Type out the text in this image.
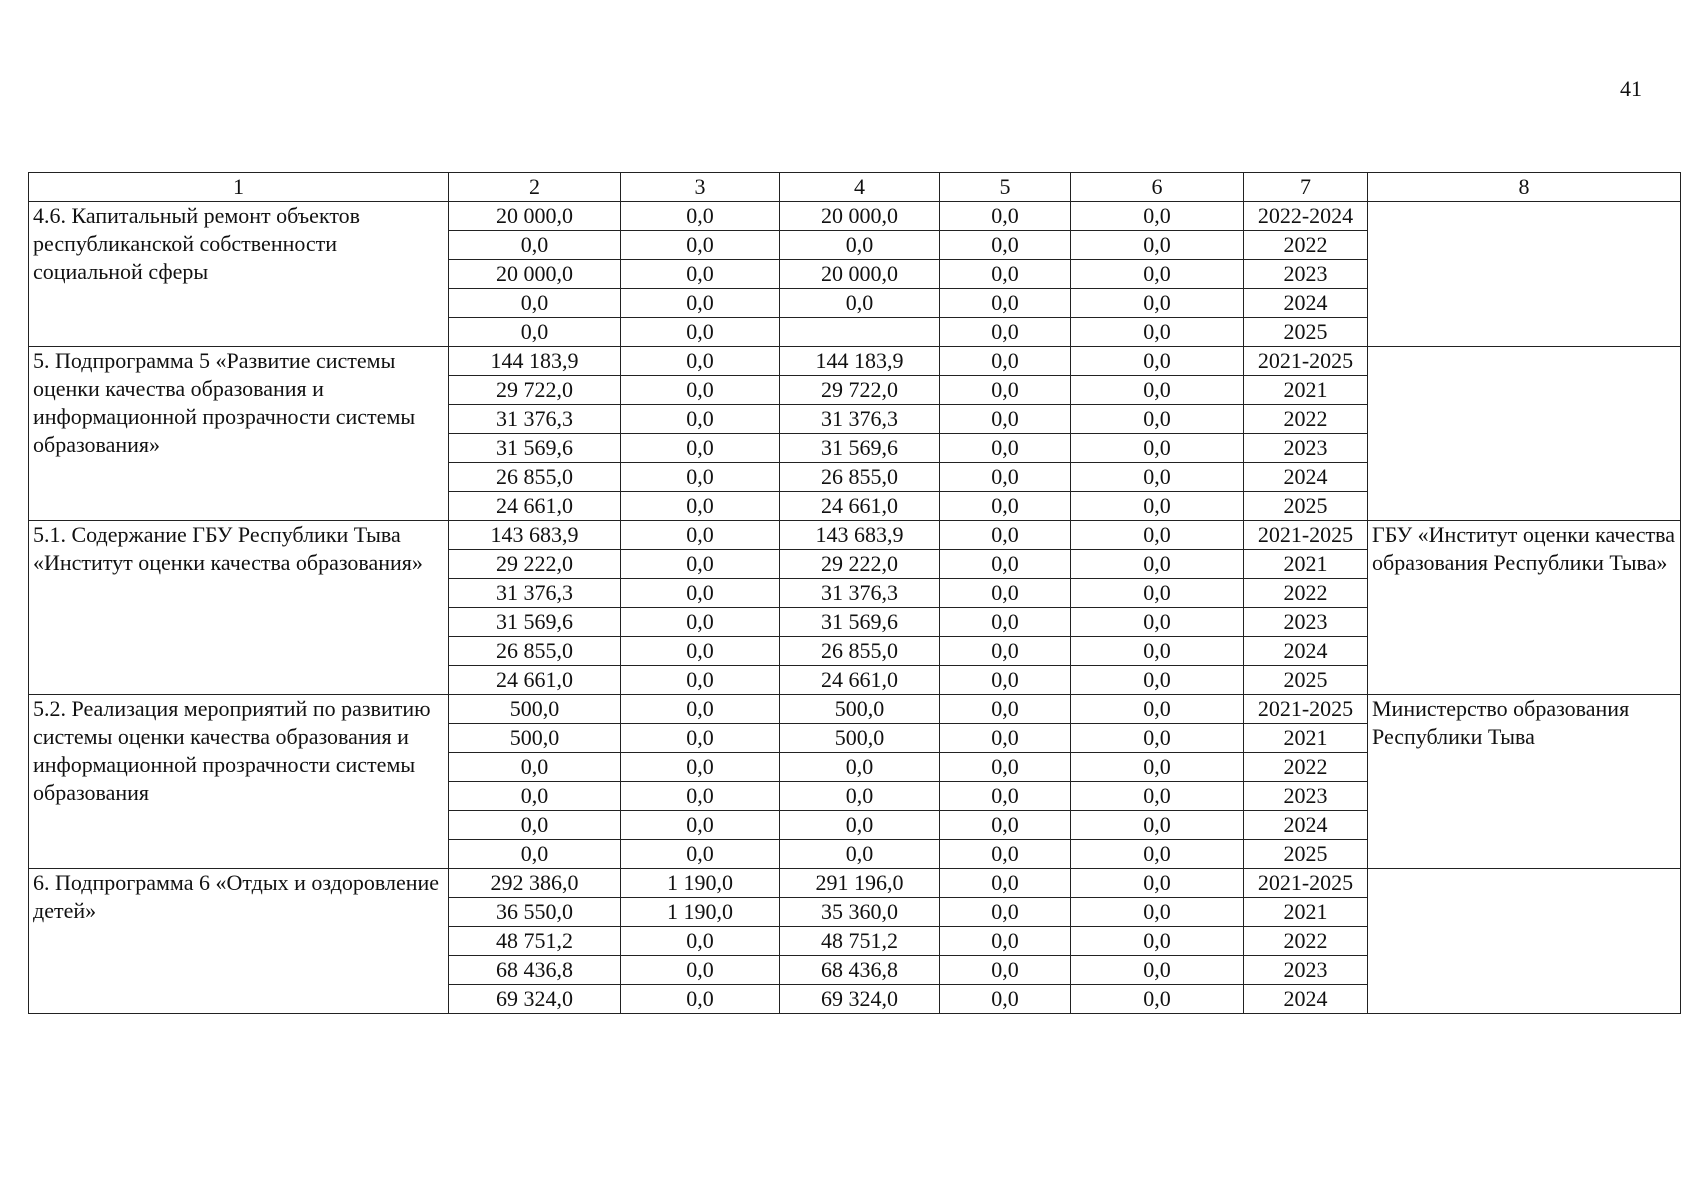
41
1	2	3	4	5	6	7	8
4.6. Капитальный ремонт объектов республиканской собственности социальной сферы	20 000,0	0,0	20 000,0	0,0	0,0	2022-2024	
	0,0	0,0	0,0	0,0	0,0	2022	
	20 000,0	0,0	20 000,0	0,0	0,0	2023	
	0,0	0,0	0,0	0,0	0,0	2024	
	0,0	0,0		0,0	0,0	2025	
5. Подпрограмма 5 «Развитие системы оценки качества образования и информационной прозрачности системы образования»	144 183,9	0,0	144 183,9	0,0	0,0	2021-2025	
	29 722,0	0,0	29 722,0	0,0	0,0	2021	
	31 376,3	0,0	31 376,3	0,0	0,0	2022	
	31 569,6	0,0	31 569,6	0,0	0,0	2023	
	26 855,0	0,0	26 855,0	0,0	0,0	2024	
	24 661,0	0,0	24 661,0	0,0	0,0	2025	
5.1. Содержание ГБУ Республики Тыва «Институт оценки качества образования»	143 683,9	0,0	143 683,9	0,0	0,0	2021-2025	ГБУ «Институт оценки качества образования Республики Тыва»
	29 222,0	0,0	29 222,0	0,0	0,0	2021	
	31 376,3	0,0	31 376,3	0,0	0,0	2022	
	31 569,6	0,0	31 569,6	0,0	0,0	2023	
	26 855,0	0,0	26 855,0	0,0	0,0	2024	
	24 661,0	0,0	24 661,0	0,0	0,0	2025	
5.2. Реализация мероприятий по развитию системы оценки качества образования и информационной прозрачности системы образования	500,0	0,0	500,0	0,0	0,0	2021-2025	Министерство образования Республики Тыва
	500,0	0,0	500,0	0,0	0,0	2021	
	0,0	0,0	0,0	0,0	0,0	2022	
	0,0	0,0	0,0	0,0	0,0	2023	
	0,0	0,0	0,0	0,0	0,0	2024	
	0,0	0,0	0,0	0,0	0,0	2025	
6. Подпрограмма 6 «Отдых и оздоровление детей»	292 386,0	1 190,0	291 196,0	0,0	0,0	2021-2025	
	36 550,0	1 190,0	35 360,0	0,0	0,0	2021	
	48 751,2	0,0	48 751,2	0,0	0,0	2022	
	68 436,8	0,0	68 436,8	0,0	0,0	2023	
	69 324,0	0,0	69 324,0	0,0	0,0	2024	
